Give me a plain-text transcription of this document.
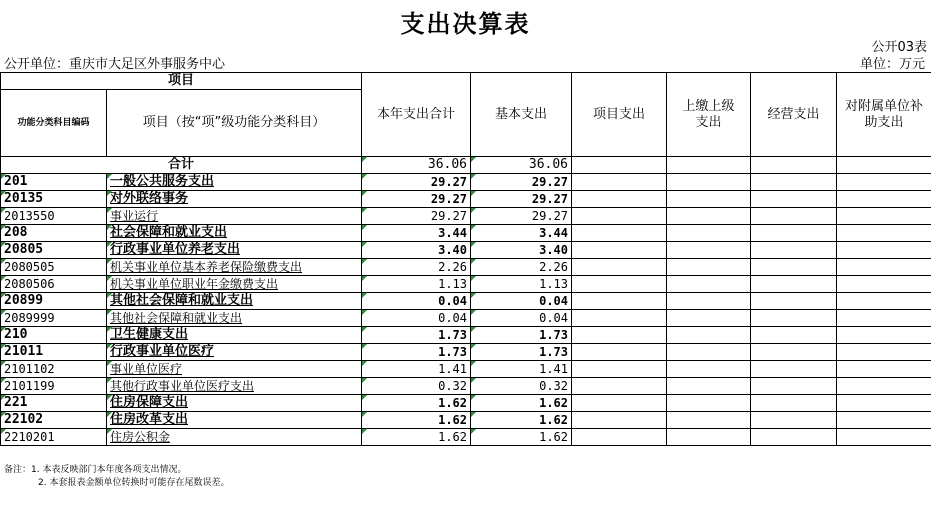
支出决算表
公开03表
公开单位：重庆市大足区外事服务中心	单位：万元
项目		本年支出合计	基本支出	项目支出	上缴上级支出	经营支出	对附属单位补助支出
功能分类科目编码	项目（按“项”级功能分类科目）						
合计		36.06	36.06				

201	一般公共服务支出	29.27	29.27				

20135	对外联络事务	29.27	29.27				

2013550	事业运行	29.27	29.27				

208	社会保障和就业支出	3.44	3.44				

20805	行政事业单位养老支出	3.40	3.40				

2080505	机关事业单位基本养老保险缴费支出	2.26	2.26				

2080506	机关事业单位职业年金缴费支出	1.13	1.13				

20899	其他社会保障和就业支出	0.04	0.04				

2089999	其他社会保障和就业支出	0.04	0.04				

210	卫生健康支出	1.73	1.73				

21011	行政事业单位医疗	1.73	1.73				

2101102	事业单位医疗	1.41	1.41				

2101199	其他行政事业单位医疗支出	0.32	0.32				

221	住房保障支出	1.62	1.62				

22102	住房改革支出	1.62	1.62				

2210201	住房公积金	1.62	1.62				
备注：1. 本表反映部门本年度各项支出情况。
2. 本套报表金额单位转换时可能存在尾数误差。
